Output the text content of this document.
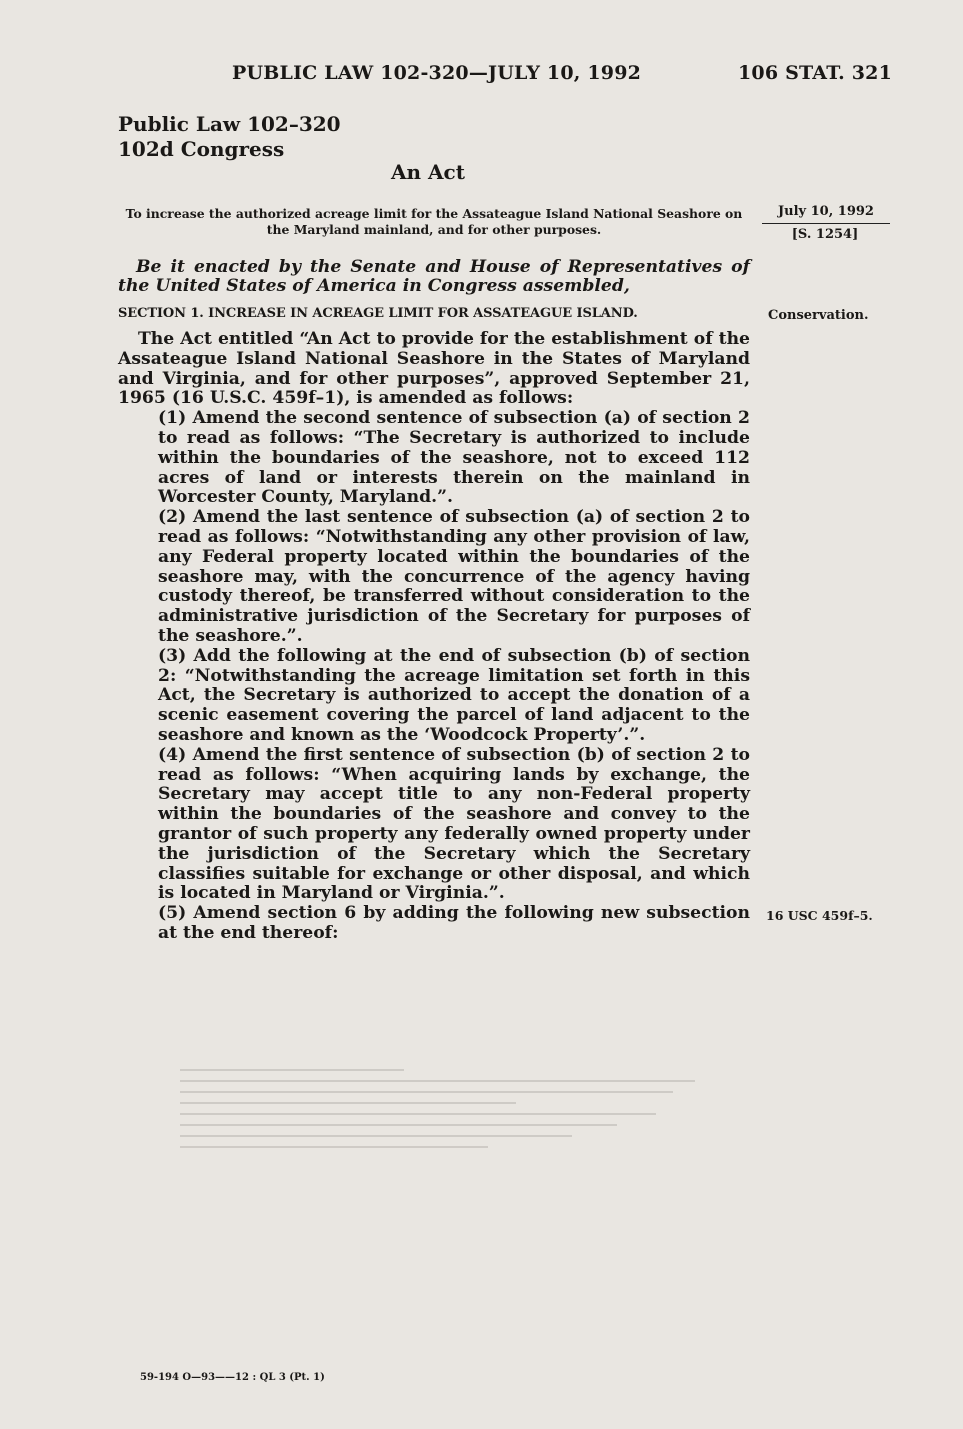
PUBLIC LAW 102-320—JULY 10, 1992	106 STAT. 321
Public Law 102–320
102d Congress
An Act
To increase the authorized acreage limit for the Assateague Island National Seashore on the Maryland mainland, and for other purposes.
July 10, 1992
[S. 1254]
Be it enacted by the Senate and House of Representatives of the United States of America in Congress assembled,
SECTION 1. INCREASE IN ACREAGE LIMIT FOR ASSATEAGUE ISLAND.	Conservation.

The Act entitled “An Act to provide for the establishment of the Assateague Island National Seashore in the States of Maryland and Virginia, and for other purposes”, approved September 21, 1965 (16 U.S.C. 459f–1), is amended as follows:

(1) Amend the second sentence of subsection (a) of section 2 to read as follows: “The Secretary is authorized to include within the boundaries of the seashore, not to exceed 112 acres of land or interests therein on the mainland in Worcester County, Maryland.”.

(2) Amend the last sentence of subsection (a) of section 2 to read as follows: “Notwithstanding any other provision of law, any Federal property located within the boundaries of the seashore may, with the concurrence of the agency having custody thereof, be transferred without consideration to the administrative jurisdiction of the Secretary for purposes of the seashore.”.

(3) Add the following at the end of subsection (b) of section 2: “Notwithstanding the acreage limitation set forth in this Act, the Secretary is authorized to accept the donation of a scenic easement covering the parcel of land adjacent to the seashore and known as the ‘Woodcock Property’.”.

(4) Amend the first sentence of subsection (b) of section 2 to read as follows: “When acquiring lands by exchange, the Secretary may accept title to any non-Federal property within the boundaries of the seashore and convey to the grantor of such property any federally owned property under the jurisdiction of the Secretary which the Secretary classifies suitable for exchange or other disposal, and which is located in Maryland or Virginia.”.

(5) Amend section 6 by adding the following new subsection at the end thereof:

16 USC 459f–5.
59-194 O—93——12 : QL 3 (Pt. 1)
